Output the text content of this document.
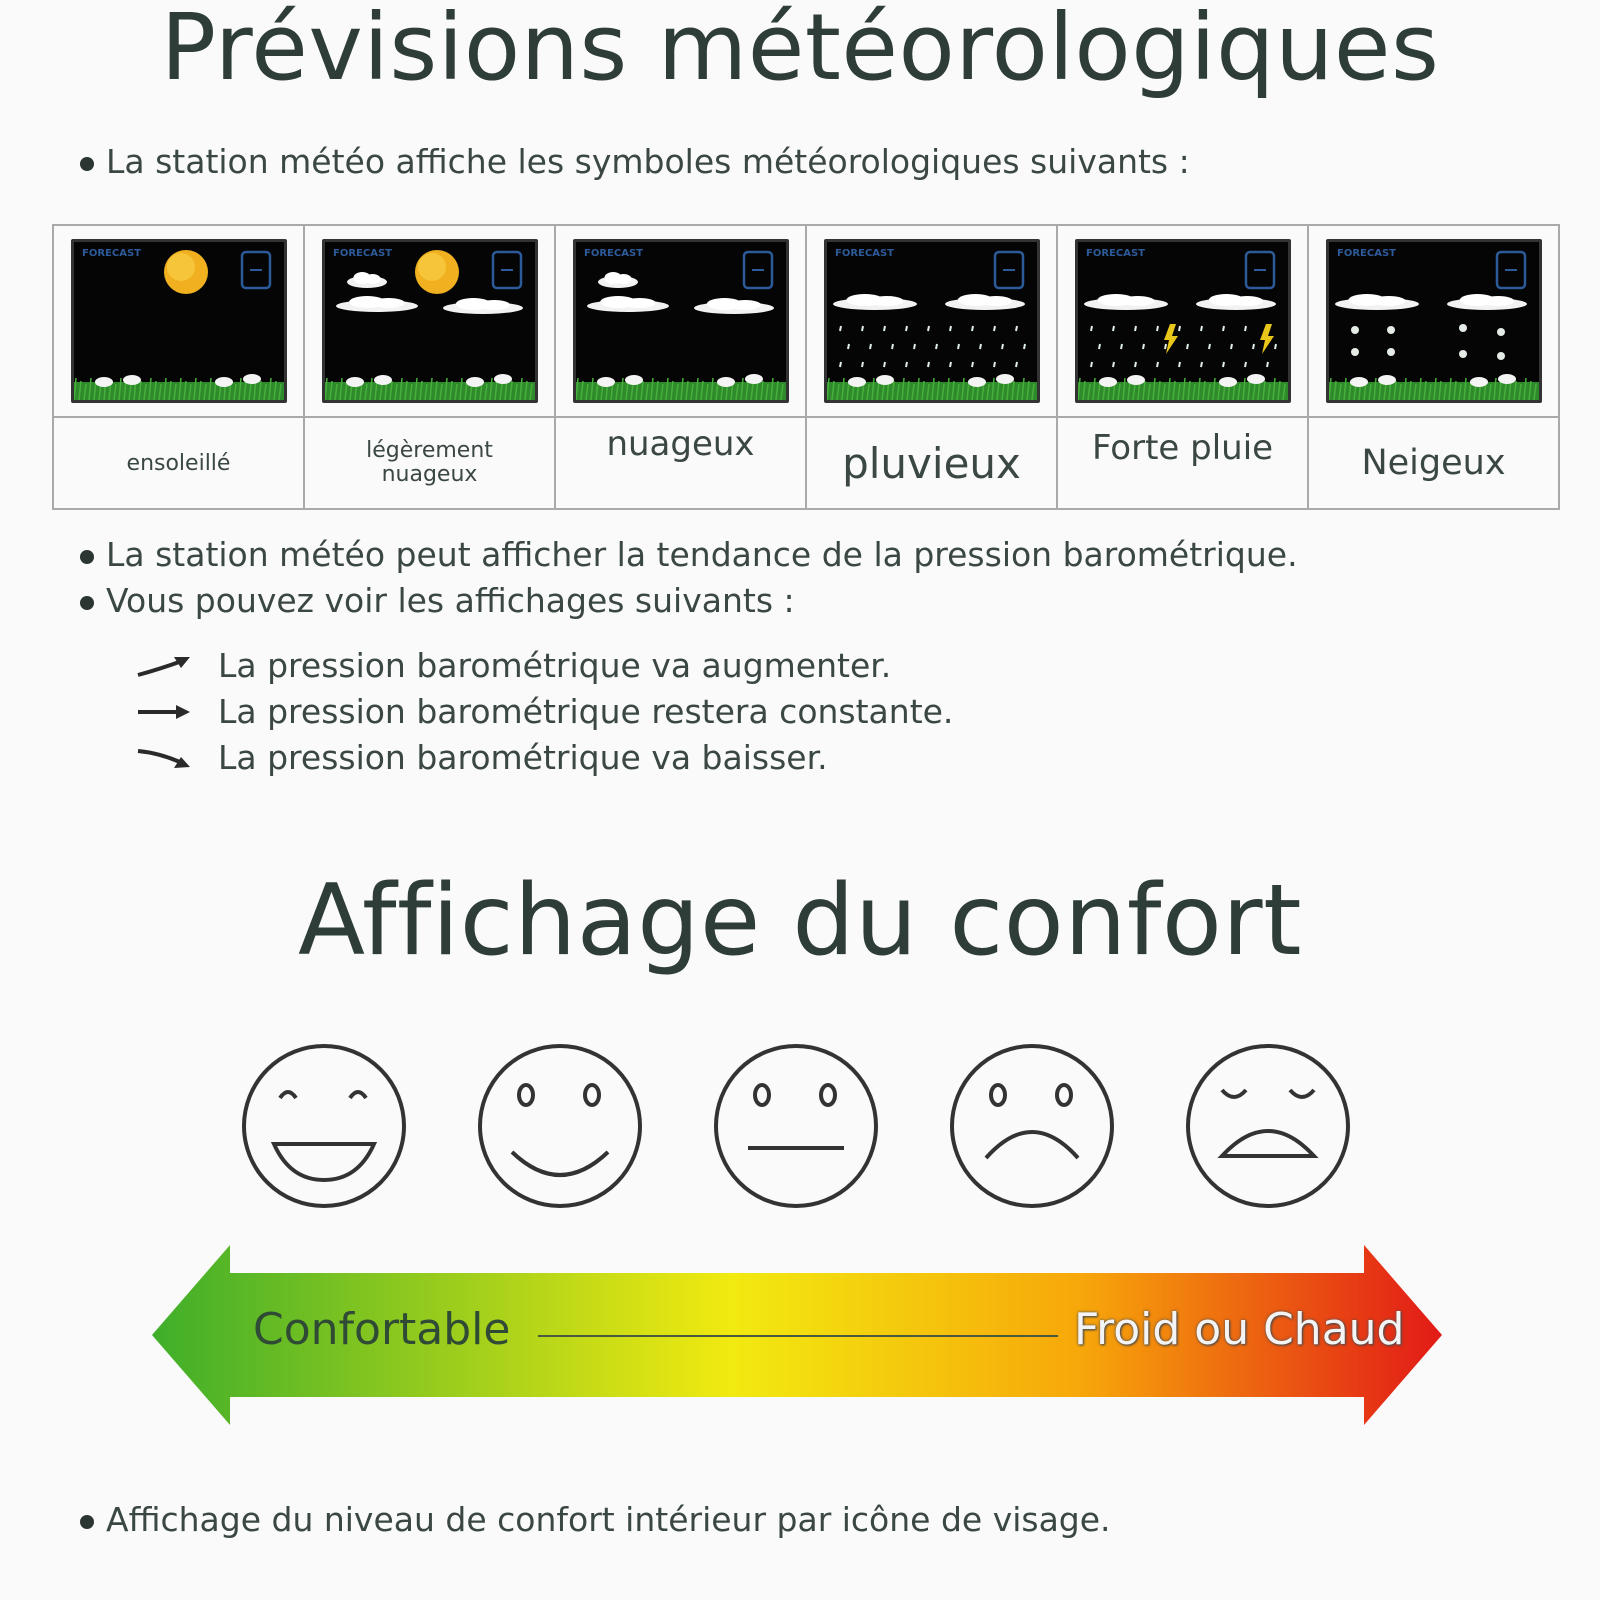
Prévisions météorologiques
La station météo affiche les symboles météorologiques suivants :
FORECAST	FORECAST	FORECAST	FORECAST	FORECAST	FORECAST

ensoleillé	légèrement nuageux	nuageux	pluvieux	Forte pluie	Neigeux
La station météo peut afficher la tendance de la pression barométrique.
Vous pouvez voir les affichages suivants :
La pression barométrique va augmenter.
La pression barométrique restera constante.
La pression barométrique va baisser.
Affichage du confort
Confortable	Froid ou Chaud
Affichage du niveau de confort intérieur par icône de visage.
